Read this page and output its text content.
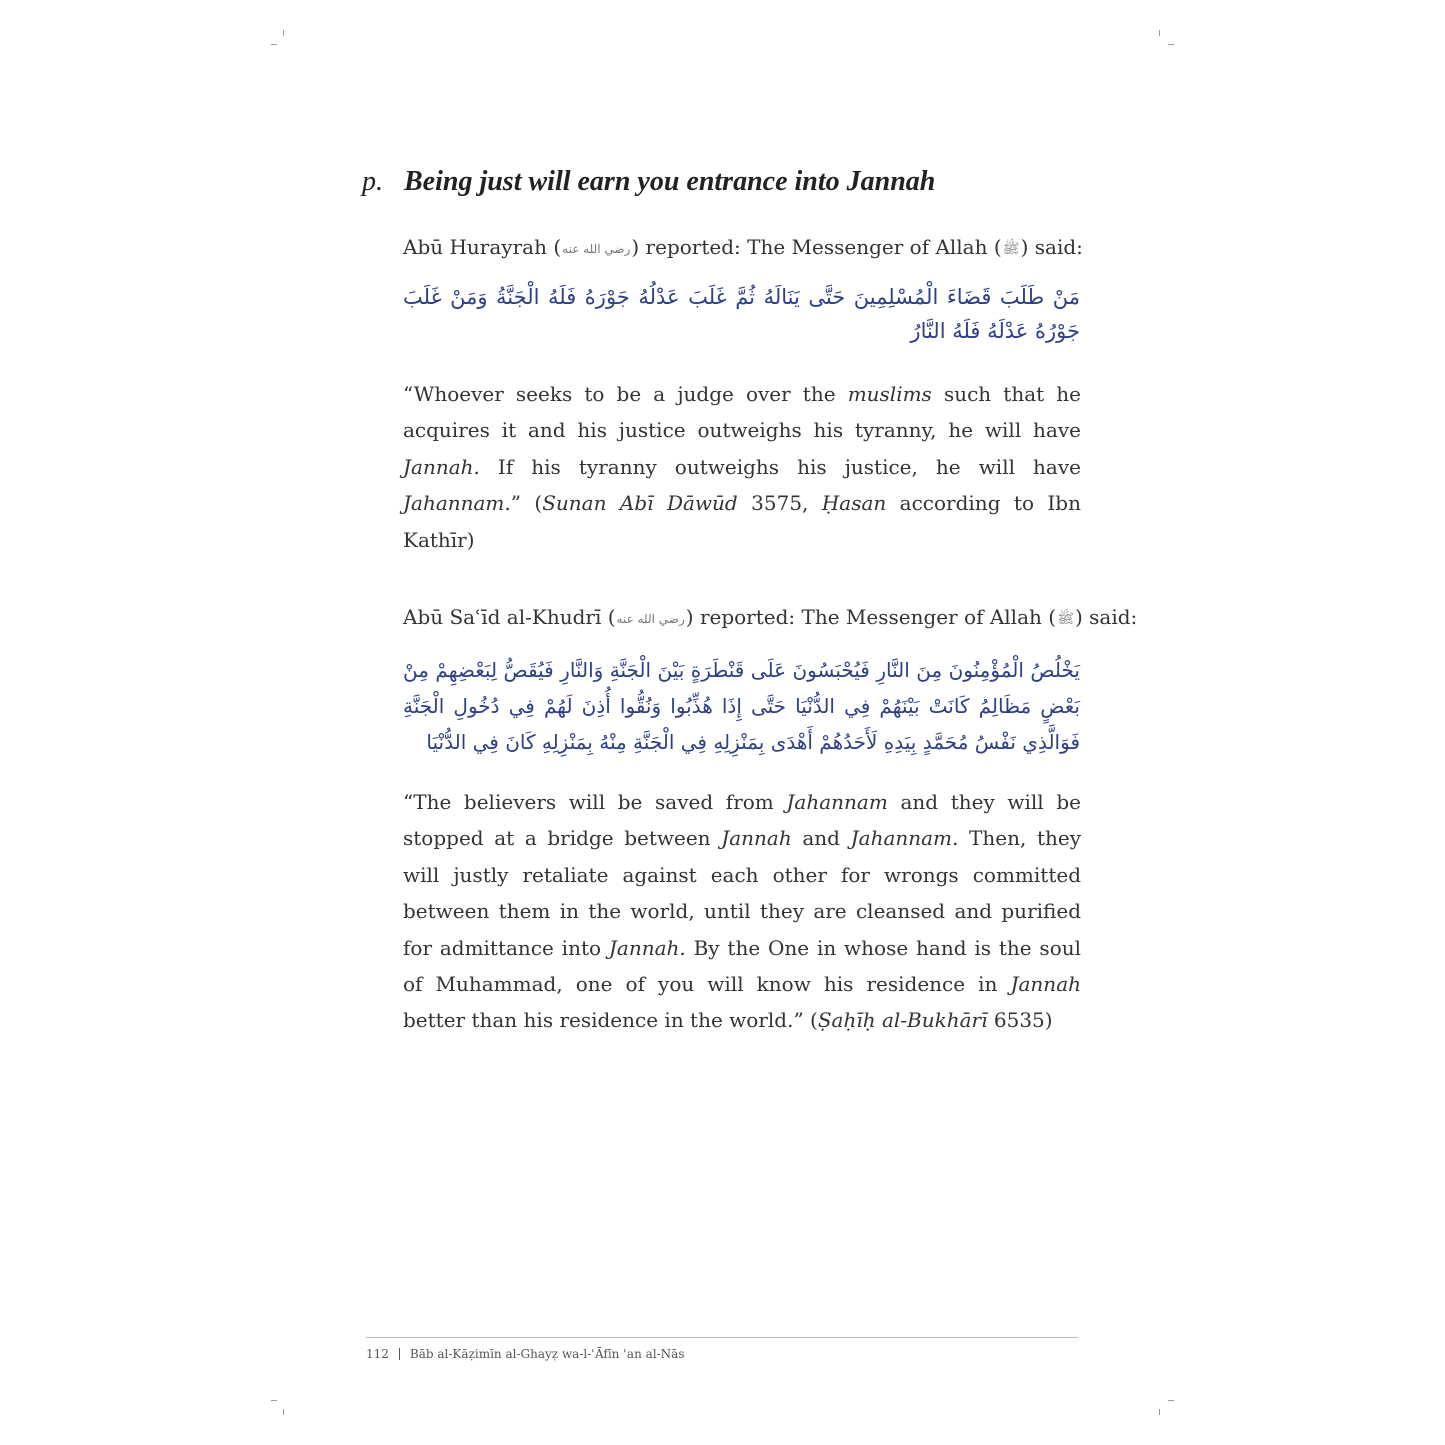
p. Being just will earn you entrance into Jannah
Abū Hurayrah (رضي الله عنه) reported: The Messenger of Allah (ﷺ) said:
مَنْ طَلَبَ قَضَاءَ الْمُسْلِمِينَ حَتَّى يَنَالَهُ ثُمَّ غَلَبَ عَدْلُهُ جَوْرَهُ فَلَهُ الْجَنَّةُ وَمَنْ غَلَبَ جَوْرُهُ عَدْلَهُ فَلَهُ النَّارُ

“Whoever seeks to be a judge over the muslims such that he acquires it and his justice outweighs his tyranny, he will have Jannah. If his tyranny outweighs his justice, he will have Jahannam.” (Sunan Abī Dāwūd 3575, Ḥasan according to Ibn Kathīr)

Abū Saʿīd al-Khudrī (رضي الله عنه) reported: The Messenger of Allah (ﷺ) said:
يَخْلُصُ الْمُؤْمِنُونَ مِنَ النَّارِ فَيُحْبَسُونَ عَلَى قَنْطَرَةٍ بَيْنَ الْجَنَّةِ وَالنَّارِ فَيُقَصُّ لِبَعْضِهِمْ مِنْ بَعْضٍ مَظَالِمُ كَانَتْ بَيْنَهُمْ فِي الدُّنْيَا حَتَّى إِذَا هُذِّبُوا وَنُقُّوا أُذِنَ لَهُمْ فِي دُخُولِ الْجَنَّةِ فَوَالَّذِي نَفْسُ مُحَمَّدٍ بِيَدِهِ لَأَحَدُهُمْ أَهْدَى بِمَنْزِلِهِ فِي الْجَنَّةِ مِنْهُ بِمَنْزِلِهِ كَانَ فِي الدُّنْيَا

“The believers will be saved from Jahannam and they will be stopped at a bridge between Jannah and Jahannam. Then, they will justly retaliate against each other for wrongs committed between them in the world, until they are cleansed and purified for admittance into Jannah. By the One in whose hand is the soul of Muhammad, one of you will know his residence in Jannah better than his residence in the world.” (Ṣaḥīḥ al-Bukhārī 6535)

112 Bāb al-Kāẓimīn al-Ghayẓ wa-l-ʿĀfīn ʿan al-Nās
